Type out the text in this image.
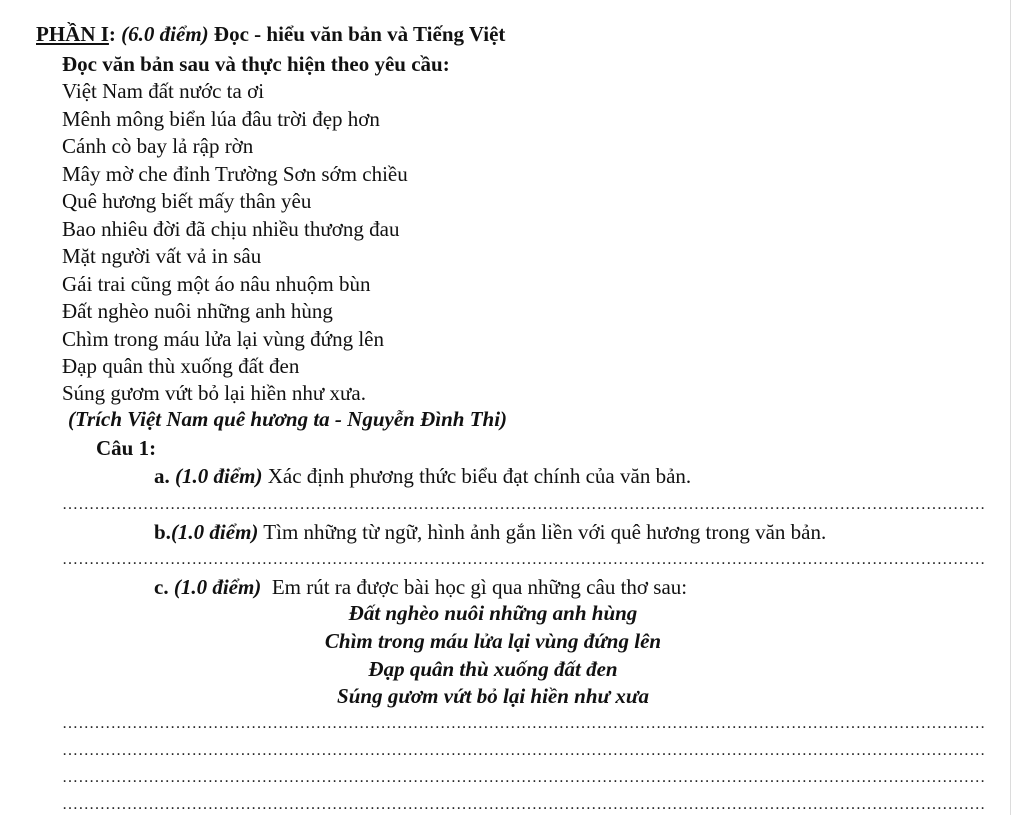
PHẦN I: (6.0 điểm) Đọc - hiểu văn bản và Tiếng Việt
Đọc văn bản sau và thực hiện theo yêu cầu:
Việt Nam đất nước ta ơi
Mênh mông biển lúa đâu trời đẹp hơn
Cánh cò bay lả rập rờn
Mây mờ che đỉnh Trường Sơn sớm chiều
Quê hương biết mấy thân yêu
Bao nhiêu đời đã chịu nhiều thương đau
Mặt người vất vả in sâu
Gái trai cũng một áo nâu nhuộm bùn
Đất nghèo nuôi những anh hùng
Chìm trong máu lửa lại vùng đứng lên
Đạp quân thù xuống đất đen
Súng gươm vứt bỏ lại hiền như xưa.
(Trích Việt Nam quê hương ta - Nguyễn Đình Thi)
Câu 1:
a. (1.0 điểm) Xác định phương thức biểu đạt chính của văn bản.
………………………………………………………………………………………………………………………………………………………
b.(1.0 điểm) Tìm những từ ngữ, hình ảnh gắn liền với quê hương trong văn bản.
………………………………………………………………………………………………………………………………………………………
c. (1.0 điểm) Em rút ra được bài học gì qua những câu thơ sau:
Đất nghèo nuôi những anh hùng
Chìm trong máu lửa lại vùng đứng lên
Đạp quân thù xuống đất đen
Súng gươm vứt bỏ lại hiền như xưa
………………………………………………………………………………………………………………………………………………………
………………………………………………………………………………………………………………………………………………………
………………………………………………………………………………………………………………………………………………………
………………………………………………………………………………………………………………………………………………………
